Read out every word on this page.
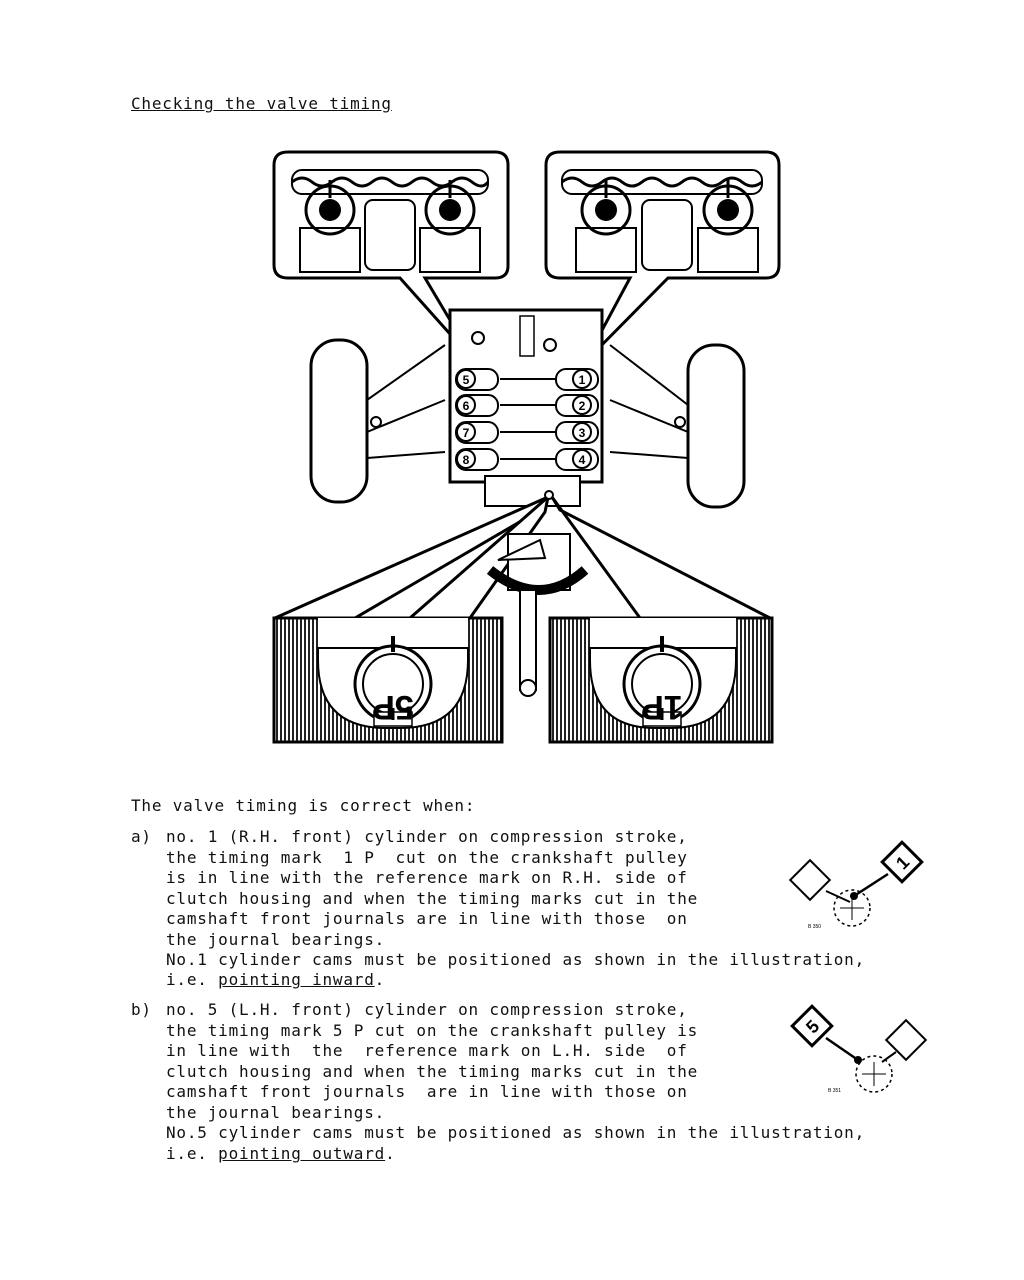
Checking the valve timing
5
6
7
8
1
2
3
4
5P	1P
The valve timing is correct when:
a) no. 1 (R.H. front) cylinder on compression stroke,
the timing mark  1 P  cut on the crankshaft pulley
is in line with the reference mark on R.H. side of
clutch housing and when the timing marks cut in the
camshaft front journals are in line with those  on
the journal bearings.
No.1 cylinder cams must be positioned as shown in the illustration,
i.e. pointing inward.
1
B 350
b) no. 5 (L.H. front) cylinder on compression stroke,
the timing mark 5 P cut on the crankshaft pulley is
in line with  the  reference mark on L.H. side  of
clutch housing and when the timing marks cut in the
camshaft front journals  are in line with those on
the journal bearings.
No.5 cylinder cams must be positioned as shown in the illustration,
i.e. pointing outward.
5
B 351
